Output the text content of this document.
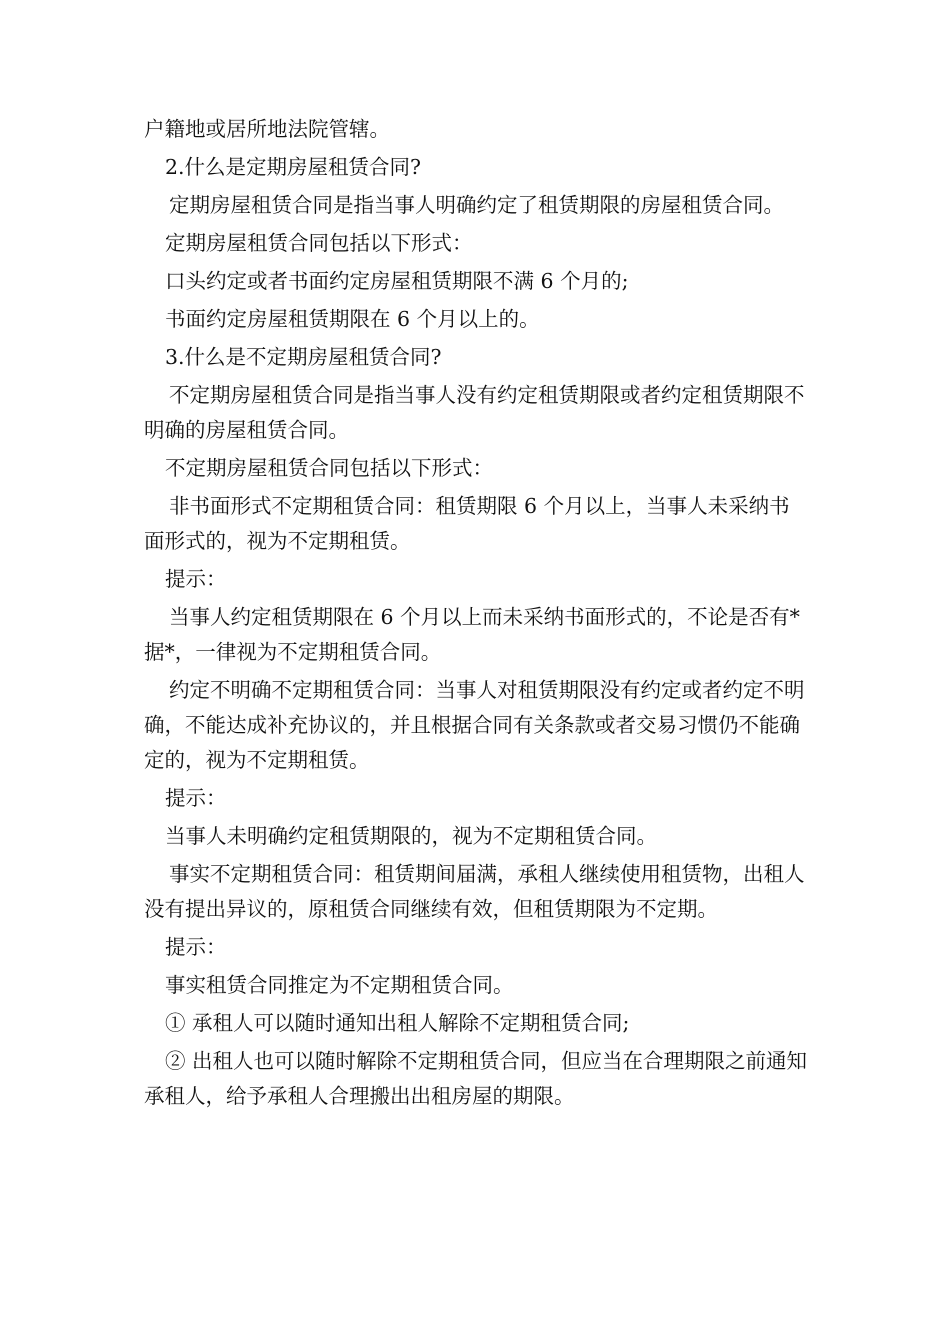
户籍地或居所地法院管辖。

2.什么是定期房屋租赁合同?

定期房屋租赁合同是指当事人明确约定了租赁期限的房屋租赁合同。

定期房屋租赁合同包括以下形式：

口头约定或者书面约定房屋租赁期限不满 6 个月的;

书面约定房屋租赁期限在 6 个月以上的。

3.什么是不定期房屋租赁合同?

不定期房屋租赁合同是指当事人没有约定租赁期限或者约定租赁期限不明确的房屋租赁合同。

不定期房屋租赁合同包括以下形式：

非书面形式不定期租赁合同：租赁期限 6 个月以上，当事人未采纳书面形式的，视为不定期租赁。

提示：

当事人约定租赁期限在 6 个月以上而未采纳书面形式的，不论是否有*据*，一律视为不定期租赁合同。

约定不明确不定期租赁合同：当事人对租赁期限没有约定或者约定不明确，不能达成补充协议的，并且根据合同有关条款或者交易习惯仍不能确定的，视为不定期租赁。

提示：

当事人未明确约定租赁期限的，视为不定期租赁合同。

事实不定期租赁合同：租赁期间届满，承租人继续使用租赁物，出租人没有提出异议的，原租赁合同继续有效，但租赁期限为不定期。

提示：

事实租赁合同推定为不定期租赁合同。

① 承租人可以随时通知出租人解除不定期租赁合同;

② 出租人也可以随时解除不定期租赁合同，但应当在合理期限之前通知承租人，给予承租人合理搬出出租房屋的期限。
